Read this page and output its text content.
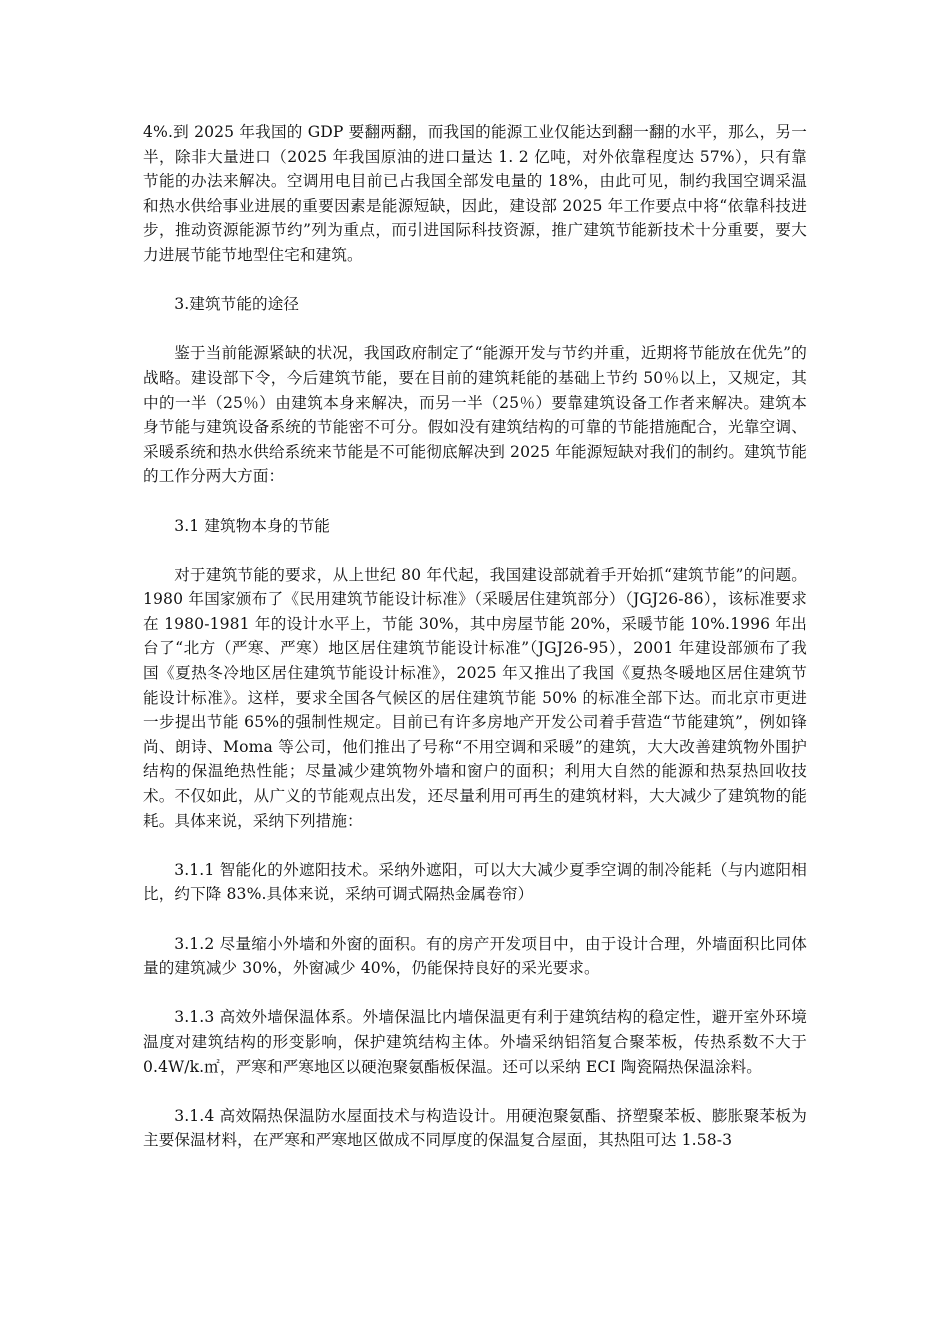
4%.到 2025 年我国的 GDP 要翻两翻，而我国的能源工业仅能达到翻一翻的水平，那么，另一半，除非大量进口（2025 年我国原油的进口量达 1. 2 亿吨，对外依靠程度达 57%），只有靠节能的办法来解决。空调用电目前已占我国全部发电量的 18%，由此可见，制约我国空调采温和热水供给事业进展的重要因素是能源短缺，因此，建设部 2025 年工作要点中将“依靠科技进步，推动资源能源节约”列为重点，而引进国际科技资源，推广建筑节能新技术十分重要，要大力进展节能节地型住宅和建筑。

3.建筑节能的途径

鉴于当前能源紧缺的状况，我国政府制定了“能源开发与节约并重，近期将节能放在优先”的战略。建设部下令，今后建筑节能，要在目前的建筑耗能的基础上节约 50％以上，又规定，其中的一半（25％）由建筑本身来解决，而另一半（25％）要靠建筑设备工作者来解决。建筑本身节能与建筑设备系统的节能密不可分。假如没有建筑结构的可靠的节能措施配合，光靠空调、采暖系统和热水供给系统来节能是不可能彻底解决到 2025 年能源短缺对我们的制约。建筑节能的工作分两大方面：

3.1 建筑物本身的节能

对于建筑节能的要求，从上世纪 80 年代起，我国建设部就着手开始抓“建筑节能”的问题。1980 年国家颁布了《民用建筑节能设计标准》（采暖居住建筑部分）（JGJ26-86），该标准要求在 1980-1981 年的设计水平上，节能 30%，其中房屋节能 20%，采暖节能 10%.1996 年出台了“北方（严寒、严寒）地区居住建筑节能设计标准”（JGJ26-95），2001 年建设部颁布了我国《夏热冬冷地区居住建筑节能设计标准》，2025 年又推出了我国《夏热冬暖地区居住建筑节能设计标准》。这样，要求全国各气候区的居住建筑节能 50% 的标准全部下达。而北京市更进一步提出节能 65%的强制性规定。目前已有许多房地产开发公司着手营造“节能建筑”，例如锋尚、朗诗、Moma 等公司，他们推出了号称“不用空调和采暖”的建筑，大大改善建筑物外围护结构的保温绝热性能；尽量减少建筑物外墙和窗户的面积；利用大自然的能源和热泵热回收技术。不仅如此，从广义的节能观点出发，还尽量利用可再生的建筑材料，大大减少了建筑物的能耗。具体来说，采纳下列措施：

3.1.1 智能化的外遮阳技术。采纳外遮阳，可以大大减少夏季空调的制冷能耗（与内遮阳相比，约下降 83%.具体来说，采纳可调式隔热金属卷帘）

3.1.2 尽量缩小外墙和外窗的面积。有的房产开发项目中，由于设计合理，外墙面积比同体量的建筑减少 30%，外窗减少 40%，仍能保持良好的采光要求。

3.1.3 高效外墙保温体系。外墙保温比内墙保温更有利于建筑结构的稳定性，避开室外环境温度对建筑结构的形变影响，保护建筑结构主体。外墙采纳铝箔复合聚苯板，传热系数不大于 0.4W/k.㎡，严寒和严寒地区以硬泡聚氨酯板保温。还可以采纳 ECI 陶瓷隔热保温涂料。

3.1.4 高效隔热保温防水屋面技术与构造设计。用硬泡聚氨酯、挤塑聚苯板、膨胀聚苯板为主要保温材料，在严寒和严寒地区做成不同厚度的保温复合屋面，其热阻可达 1.58-3
